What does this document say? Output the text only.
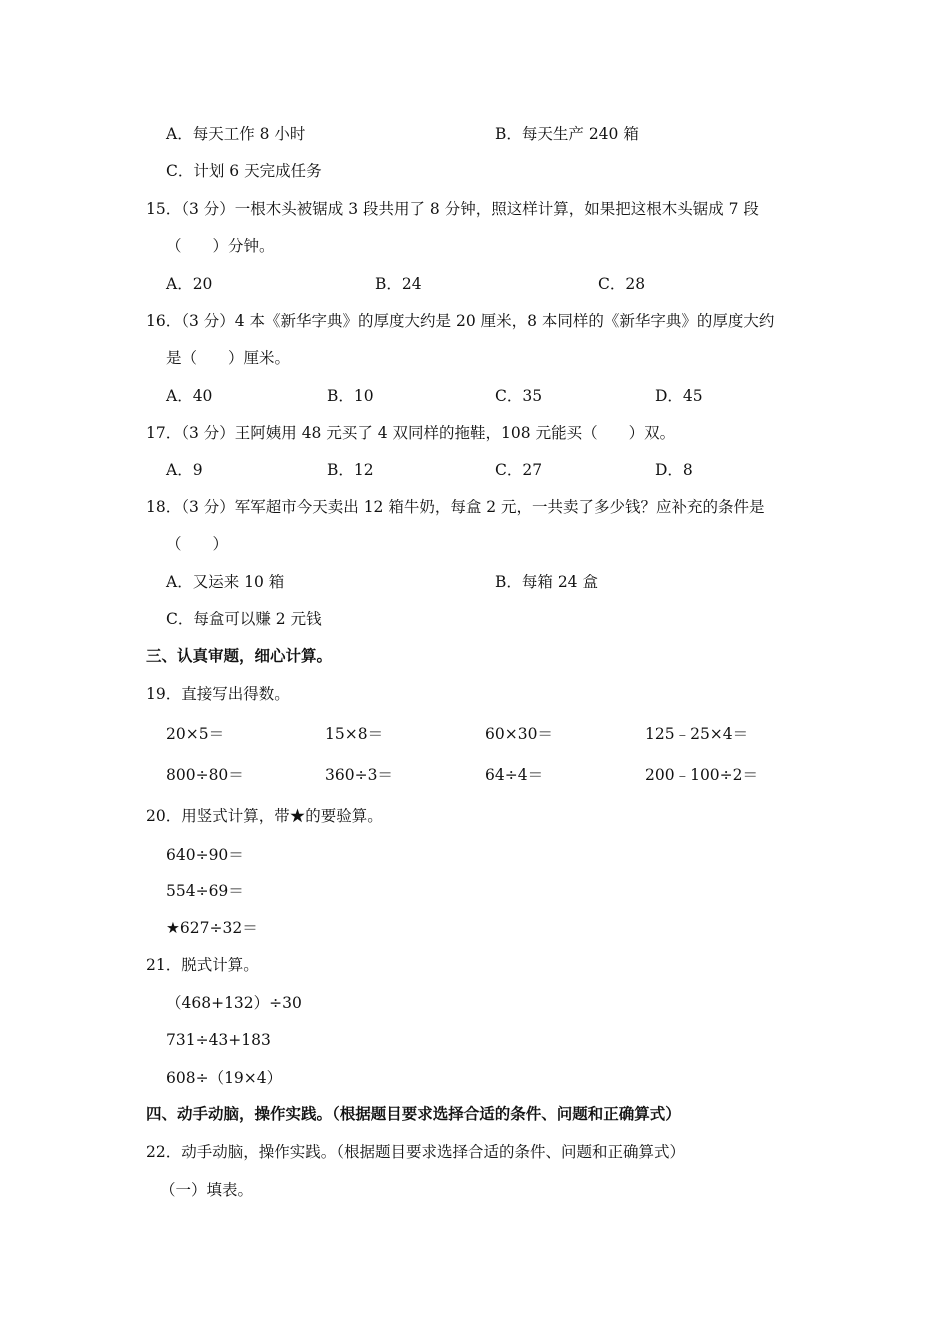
A．每天工作 8 小时	B．每天生产 240 箱
C．计划 6 天完成任务
15．（3 分）一根木头被锯成 3 段共用了 8 分钟，照这样计算，如果把这根木头锯成 7 段
（　　）分钟。
A．20	B．24	C．28
16．（3 分）4 本《新华字典》的厚度大约是 20 厘米，8 本同样的《新华字典》的厚度大约
是（　　）厘米。
A．40	B．10	C．35	D．45
17．（3 分）王阿姨用 48 元买了 4 双同样的拖鞋，108 元能买（　　）双。
A．9	B．12	C．27	D．8
18．（3 分）军军超市今天卖出 12 箱牛奶，每盒 2 元，一共卖了多少钱？应补充的条件是
（　　）
A．又运来 10 箱	B．每箱 24 盒
C．每盒可以赚 2 元钱
三、认真审题，细心计算。
19．直接写出得数。
20×5＝	15×8＝	60×30＝	125﹣25×4＝
800÷80＝	360÷3＝	64÷4＝	200﹣100÷2＝
20．用竖式计算，带★的要验算。
640÷90＝
554÷69＝
★627÷32＝
21．脱式计算。
（468+132）÷30
731÷43+183
608÷（19×4）
四、动手动脑，操作实践。（根据题目要求选择合适的条件、问题和正确算式）
22．动手动脑，操作实践。（根据题目要求选择合适的条件、问题和正确算式）
（一）填表。
